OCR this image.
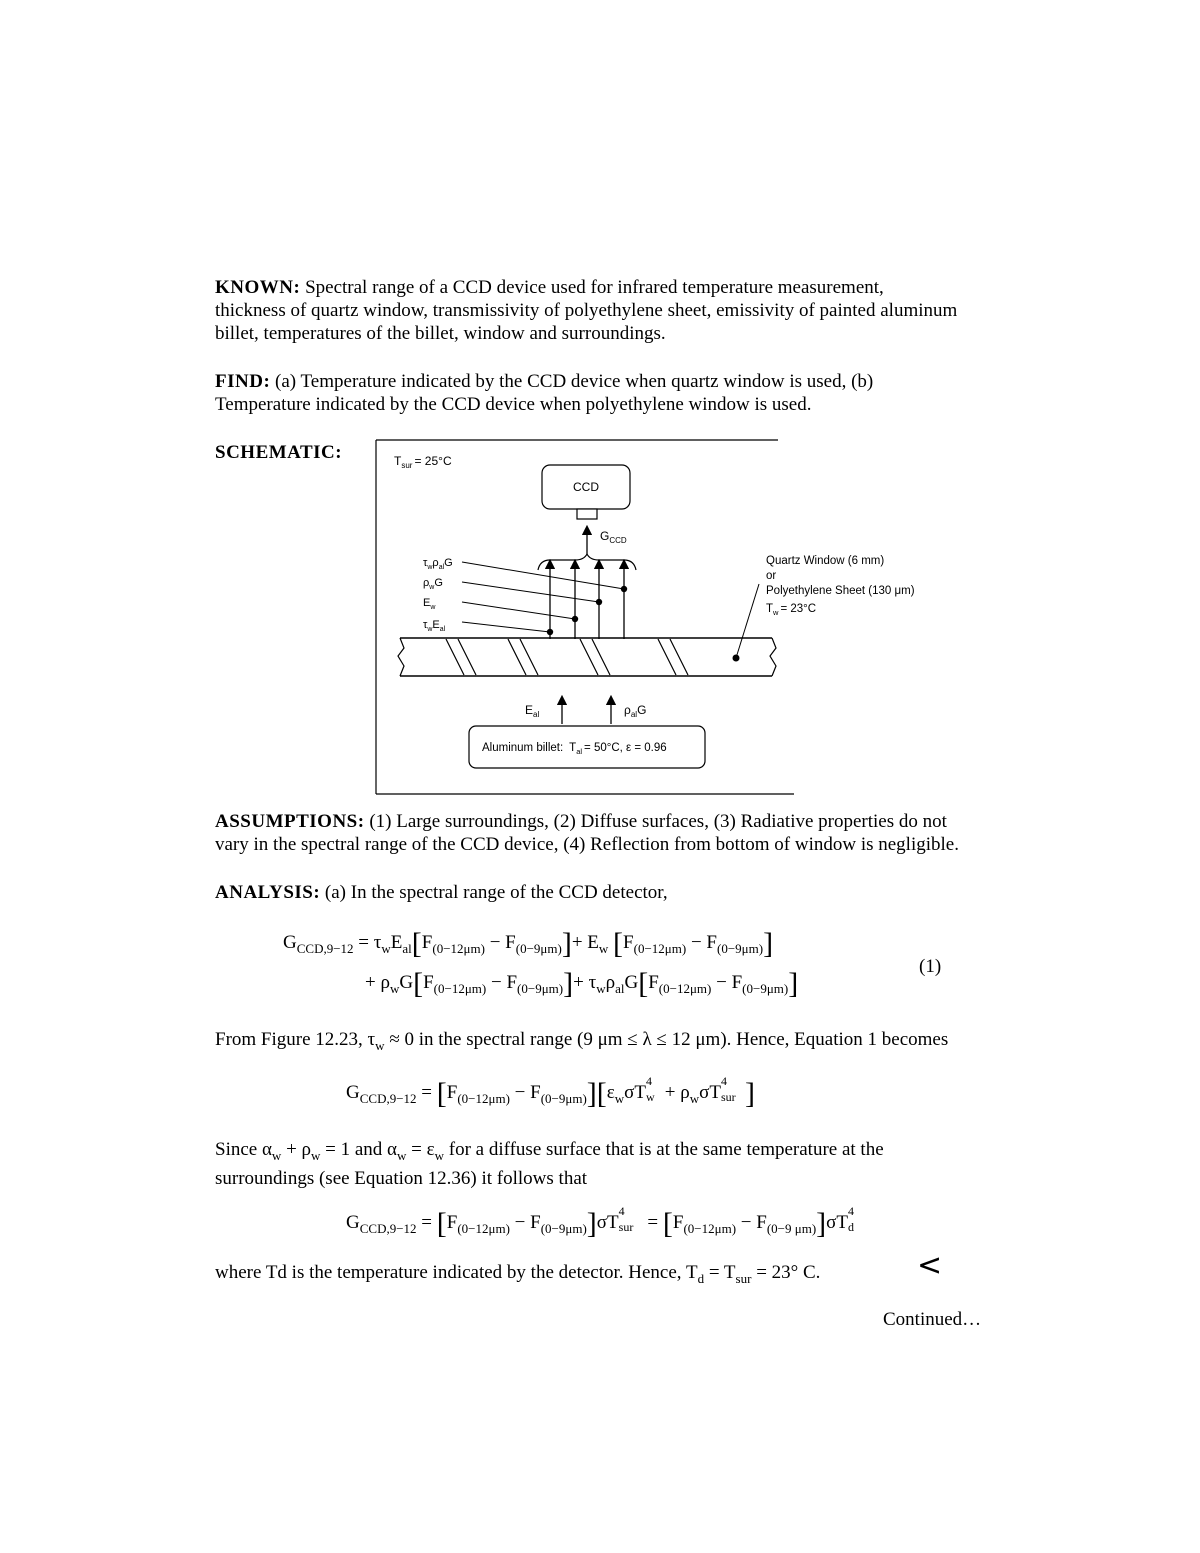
KNOWN: Spectral range of a CCD device used for infrared temperature measurement,
thickness of quartz window, transmissivity of polyethylene sheet, emissivity of painted aluminum
billet, temperatures of the billet, window and surroundings.
FIND: (a) Temperature indicated by the CCD device when quartz window is used, (b)
Temperature indicated by the CCD device when polyethylene window is used.
SCHEMATIC:	$T_{sur} = 25^\circ C$
CCD
$G_{CCD}$
$\tau_w\rho_{al}G$
$\rho_wG$
$E_w$
$\tau_wE_{al}$
Quartz Window (6 mm)
or
Polyethylene Sheet (130 μm)
$T_w = 23^\circ C$
$E_{al}$	$\rho_{al}G$
Aluminum billet: $T_{al} = 50^\circ C$, ε = 0.96
ASSUMPTIONS: (1) Large surroundings, (2) Diffuse surfaces, (3) Radiative properties do not
vary in the spectral range of the CCD device, (4) Reflection from bottom of window is negligible.
ANALYSIS: (a) In the spectral range of the CCD detector,
$G_{CCD,9-12} = \tau_wE_{al}[F_{(0-12\mu m)} - F_{(0-9\mu m)}]+ E_w$ $[F_{(0-12\mu m)} - F_{(0-9\mu m)}]$
+ $\rho_wG[F_{(0-12\mu m)} - F_{(0-9\mu m)}]+ \tau_w\rho_{al}G[F_{(0-12\mu m)} - F_{(0-9\mu m)}]$
(1)
From Figure 12.23, $\tau_w \approx 0$ in the spectral range (9 μm ≤ λ ≤ 12 μm). Hence, Equation 1 becomes
$G_{CCD,9-12} = [F_{(0-12\mu m)} - F_{(0-9\mu m)}][\varepsilon_w\sigma T$
4
$w + \rho_w\sigma T$
4
sur ]
Since $\alpha_w + \rho_w = 1$ and $\alpha_w = \varepsilon_w$ for a diffuse surface that is at the same temperature at the
surroundings (see Equation 12.36) it follows that
$G_{CCD,9-12} = [F_{(0-12\mu m)} - F_{(0-9\mu m)}]\sigma T$
4
sur = $[F_{(0-12\mu m)} - F_{(0-9 \mu m)}]\sigma T$
4
d
where Td is the temperature indicated by the detector. Hence, $T_d = T_{sur} = 23^\circ$ C.	<
Continued…
